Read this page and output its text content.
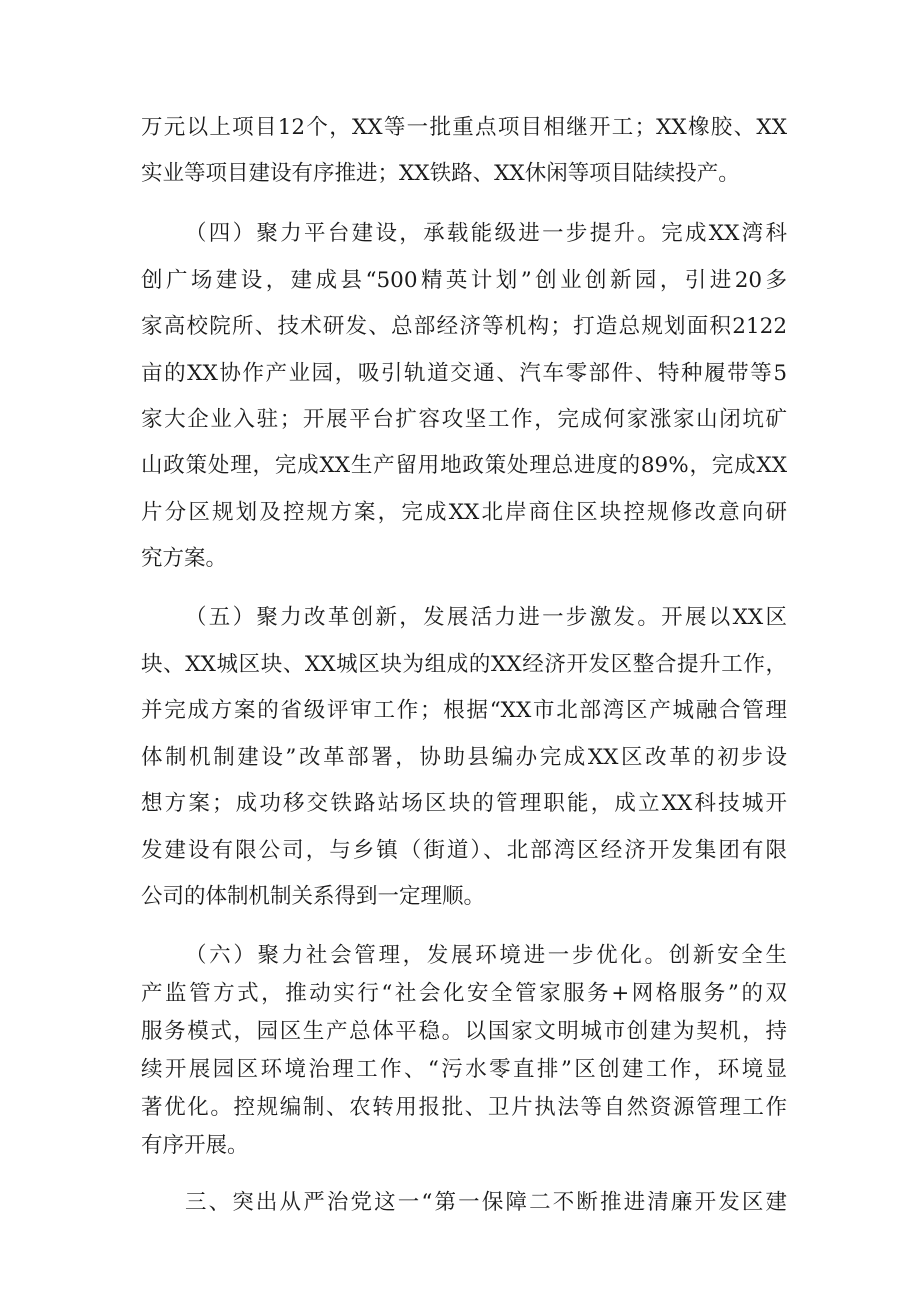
万元以上项目12个，XX等一批重点项目相继开工；XX橡胶、XX
实业等项目建设有序推进；XX铁路、XX休闲等项目陆续投产。
（四）聚力平台建设，承载能级进一步提升。完成XX湾科
创广场建设，建成县“500精英计划”创业创新园，引进20多
家高校院所、技术研发、总部经济等机构；打造总规划面积2122
亩的XX协作产业园，吸引轨道交通、汽车零部件、特种履带等5
家大企业入驻；开展平台扩容攻坚工作，完成何家涨家山闭坑矿
山政策处理，完成XX生产留用地政策处理总进度的89%，完成XX
片分区规划及控规方案，完成XX北岸商住区块控规修改意向研
究方案。
（五）聚力改革创新，发展活力进一步激发。开展以XX区
块、XX城区块、XX城区块为组成的XX经济开发区整合提升工作，
并完成方案的省级评审工作；根据“XX市北部湾区产城融合管理
体制机制建设”改革部署，协助县编办完成XX区改革的初步设
想方案；成功移交铁路站场区块的管理职能，成立XX科技城开
发建设有限公司，与乡镇（街道）、北部湾区经济开发集团有限
公司的体制机制关系得到一定理顺。
（六）聚力社会管理，发展环境进一步优化。创新安全生
产监管方式，推动实行“社会化安全管家服务+网格服务”的双
服务模式，园区生产总体平稳。以国家文明城市创建为契机，持
续开展园区环境治理工作、“污水零直排”区创建工作，环境显
著优化。控规编制、农转用报批、卫片执法等自然资源管理工作
有序开展。
三、突出从严治党这一“第一保障二不断推进清廉开发区建
